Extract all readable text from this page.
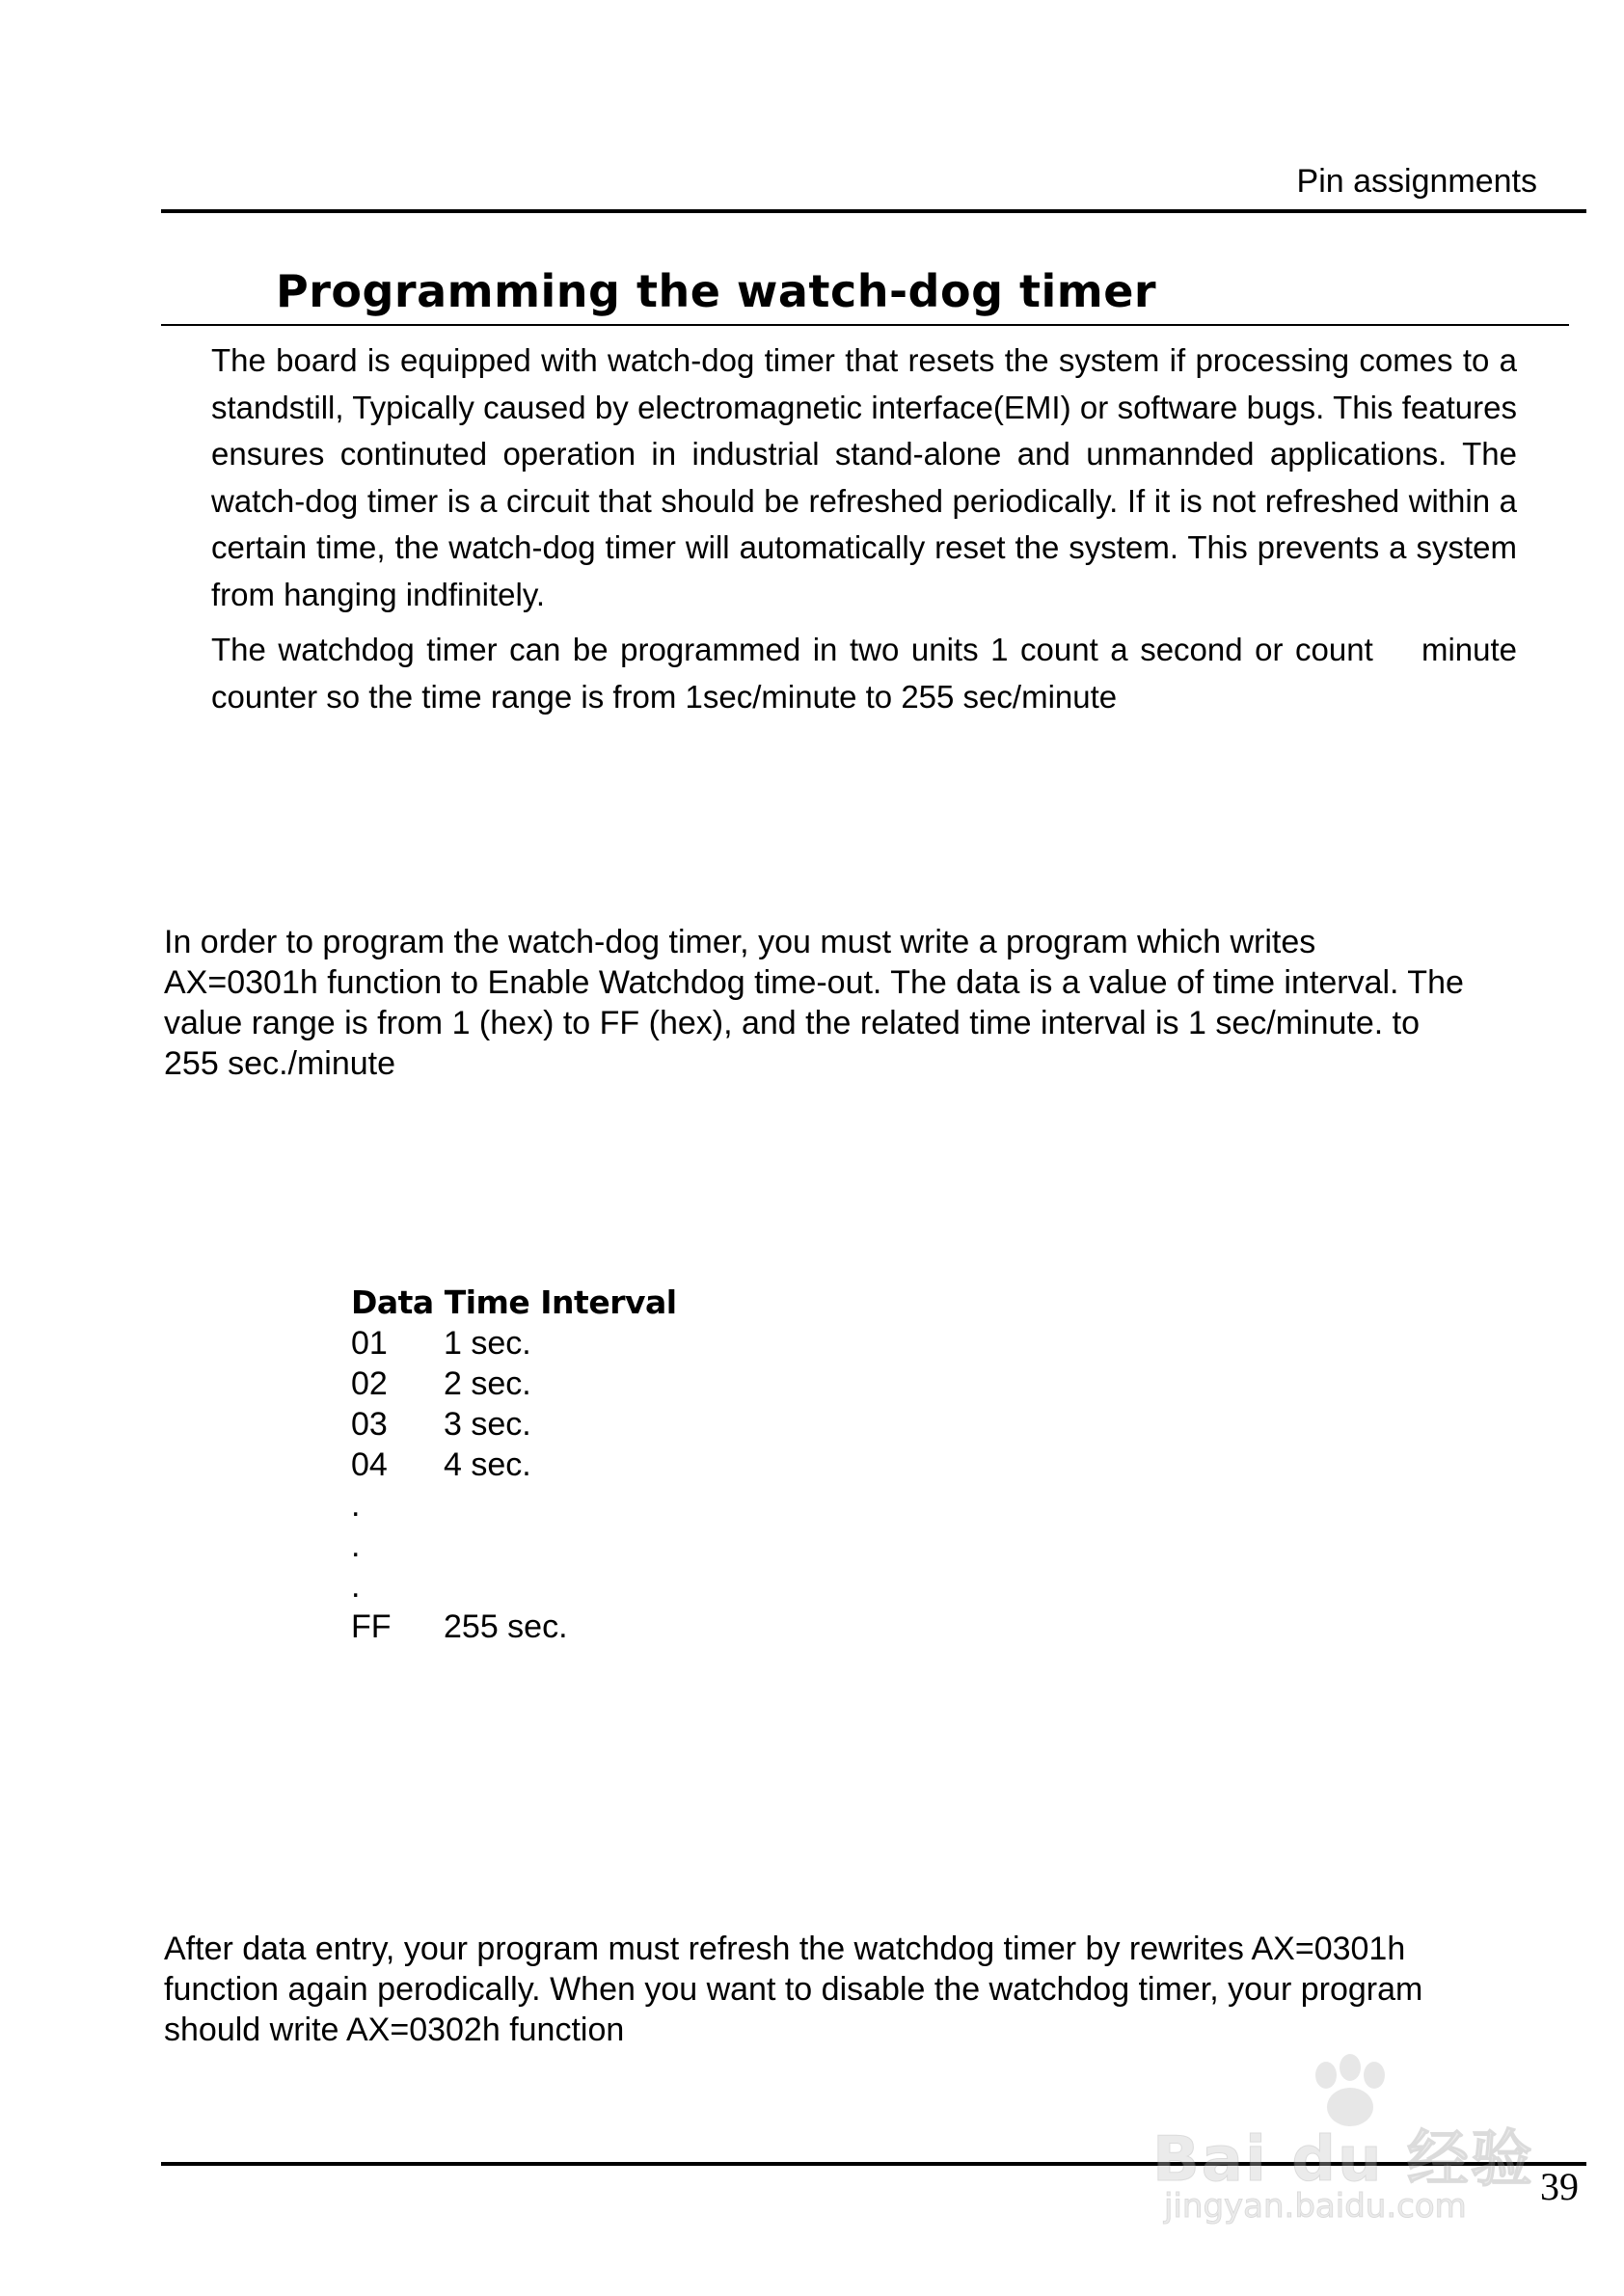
Pin assignments
Programming the watch-dog timer

The board is equipped with watch-dog timer that resets the system if processing comes to a standstill, Typically caused by electromagnetic interface(EMI) or software bugs. This features ensures continuted operation in industrial stand-alone and unmannded applications. The watch-dog timer is a circuit that should be refreshed periodically. If it is not refreshed within a certain time, the watch-dog timer will automatically reset the system. This prevents a system from hanging indfinitely.

The watchdog timer can be programmed in two units 1 count a second or count    minute
counter so the time range is from 1sec/minute to 255 sec/minute
In order to program the watch-dog timer, you must write a program which writes
AX=0301h function to Enable Watchdog time-out. The data is a value of time interval. The
value range is from 1 (hex) to FF (hex), and the related time interval is 1 sec/minute. to
255 sec./minute
Data Time Interval
01	1 sec.
02	2 sec.
03	3 sec.
04	4 sec.
.
.
.
FF	255 sec.
After data entry, your program must refresh the watchdog timer by rewrites AX=0301h
function again perodically. When you want to disable the watchdog timer, your program
should write AX=0302h function
39
Bai du 经验
jingyan.baidu.com
